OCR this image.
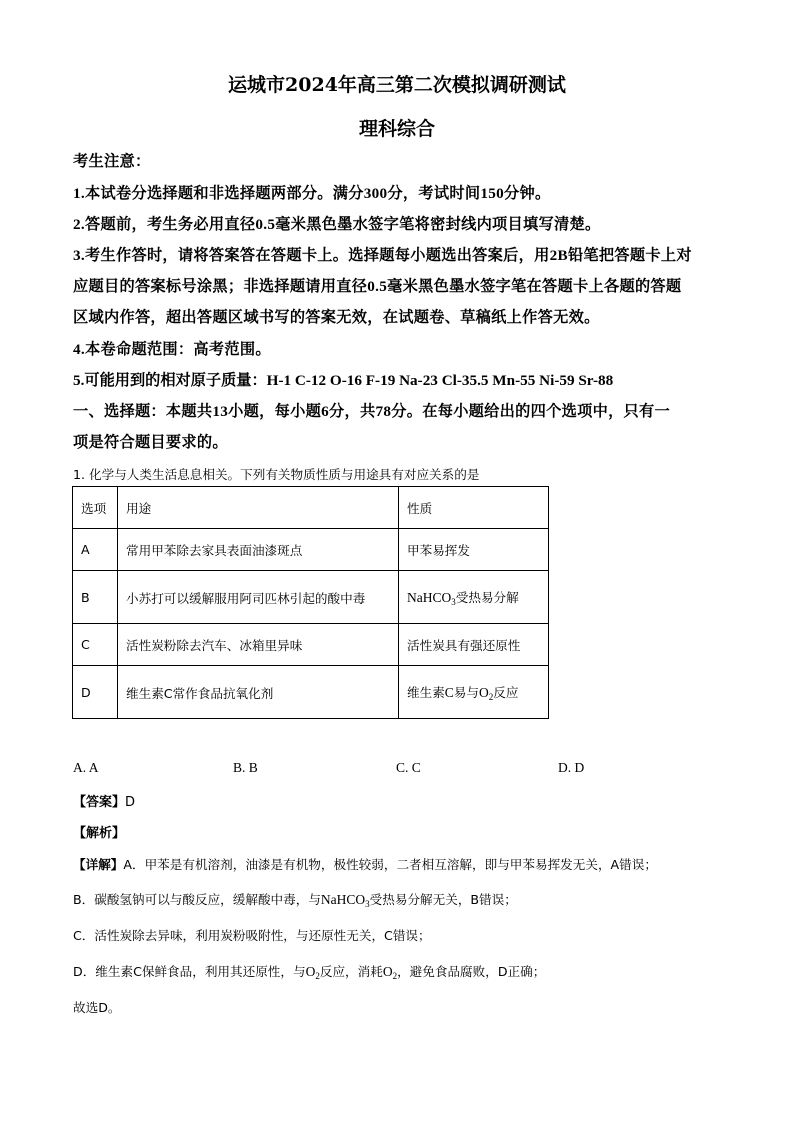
运城市2024年高三第二次模拟调研测试
理科综合
考生注意：
1.本试卷分选择题和非选择题两部分。满分300分，考试时间150分钟。
2.答题前，考生务必用直径0.5毫米黑色墨水签字笔将密封线内项目填写清楚。
3.考生作答时，请将答案答在答题卡上。选择题每小题选出答案后，用2B铅笔把答题卡上对
应题目的答案标号涂黑；非选择题请用直径0.5毫米黑色墨水签字笔在答题卡上各题的答题
区域内作答，超出答题区域书写的答案无效，在试题卷、草稿纸上作答无效。
4.本卷命题范围：高考范围。
5.可能用到的相对原子质量：H-1 C-12 O-16 F-19 Na-23 Cl-35.5 Mn-55 Ni-59 Sr-88
一、选择题：本题共13小题，每小题6分，共78分。在每小题给出的四个选项中，只有一
项是符合题目要求的。
1. 化学与人类生活息息相关。下列有关物质性质与用途具有对应关系的是
选项	用途	性质
A	常用甲苯除去家具表面油漆斑点	甲苯易挥发
B	小苏打可以缓解服用阿司匹林引起的酸中毒	NaHCO$_3$受热易分解
C	活性炭粉除去汽车、冰箱里异味	活性炭具有强还原性
D	维生素C常作食品抗氧化剂	维生素C易与$O_2$反应
A. A	B. B	C. C	D. D
【答案】D
【解析】
【详解】A．甲苯是有机溶剂，油漆是有机物，极性较弱，二者相互溶解，即与甲苯易挥发无关，A错误；
B．碳酸氢钠可以与酸反应，缓解酸中毒，与NaHCO$_3$受热易分解无关，B错误；
C．活性炭除去异味，利用炭粉吸附性，与还原性无关，C错误；
D．维生素C保鲜食品，利用其还原性，与$O_2$反应，消耗$O_2$，避免食品腐败，D正确；
故选D。
